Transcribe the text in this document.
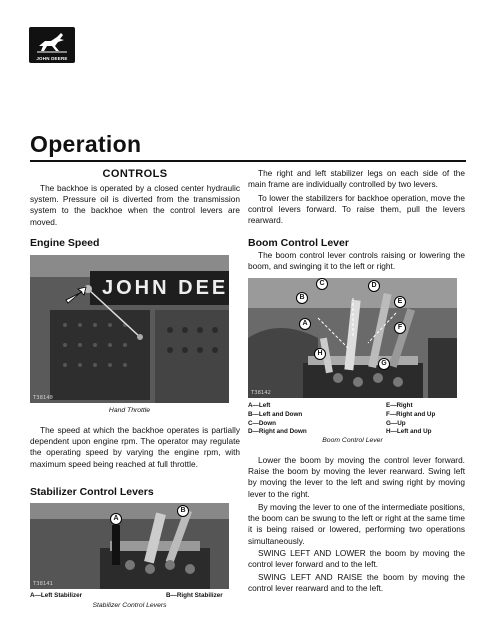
JOHN DEERE
Operation
CONTROLS
The backhoe is operated by a closed center hydraulic system. Pressure oil is diverted from the transmission system to the backhoe when the control levers are moved.
Engine Speed
JOHN DEE
T38140
Hand Throttle
The speed at which the backhoe operates is partially dependent upon engine rpm. The operator may regulate the operating speed by varying the engine rpm, with maximum speed being reached at full throttle.
Stabilizer Control Levers
A
B
T38141
A—Left Stabilizer	B—Right Stabilizer
Stabilizer Control Levers
The right and left stabilizer legs on each side of the main frame are individually controlled by two levers.
To lower the stabilizers for backhoe operation, move the control levers forward. To raise them, pull the levers rearward.
Boom Control Lever
The boom control lever controls raising or lowering the boom, and swinging it to the left or right.
A
B
C	D
E
F
G
H
T38142
A—Left
B—Left and Down
C—Down
D—Right and Down
E—Right
F—Right and Up
G—Up
H—Left and Up
Boom Control Lever
Lower the boom by moving the control lever forward. Raise the boom by moving the lever rearward. Swing left by moving the lever to the left and swing right by moving lever to the right.
By moving the lever to one of the intermediate positions, the boom can be swung to the left or right at the same time it is being raised or lowered, performing two operations simultaneously.
SWING LEFT AND LOWER the boom by moving the control lever forward and to the left.
SWING LEFT AND RAISE the boom by moving the control lever rearward and to the left.
